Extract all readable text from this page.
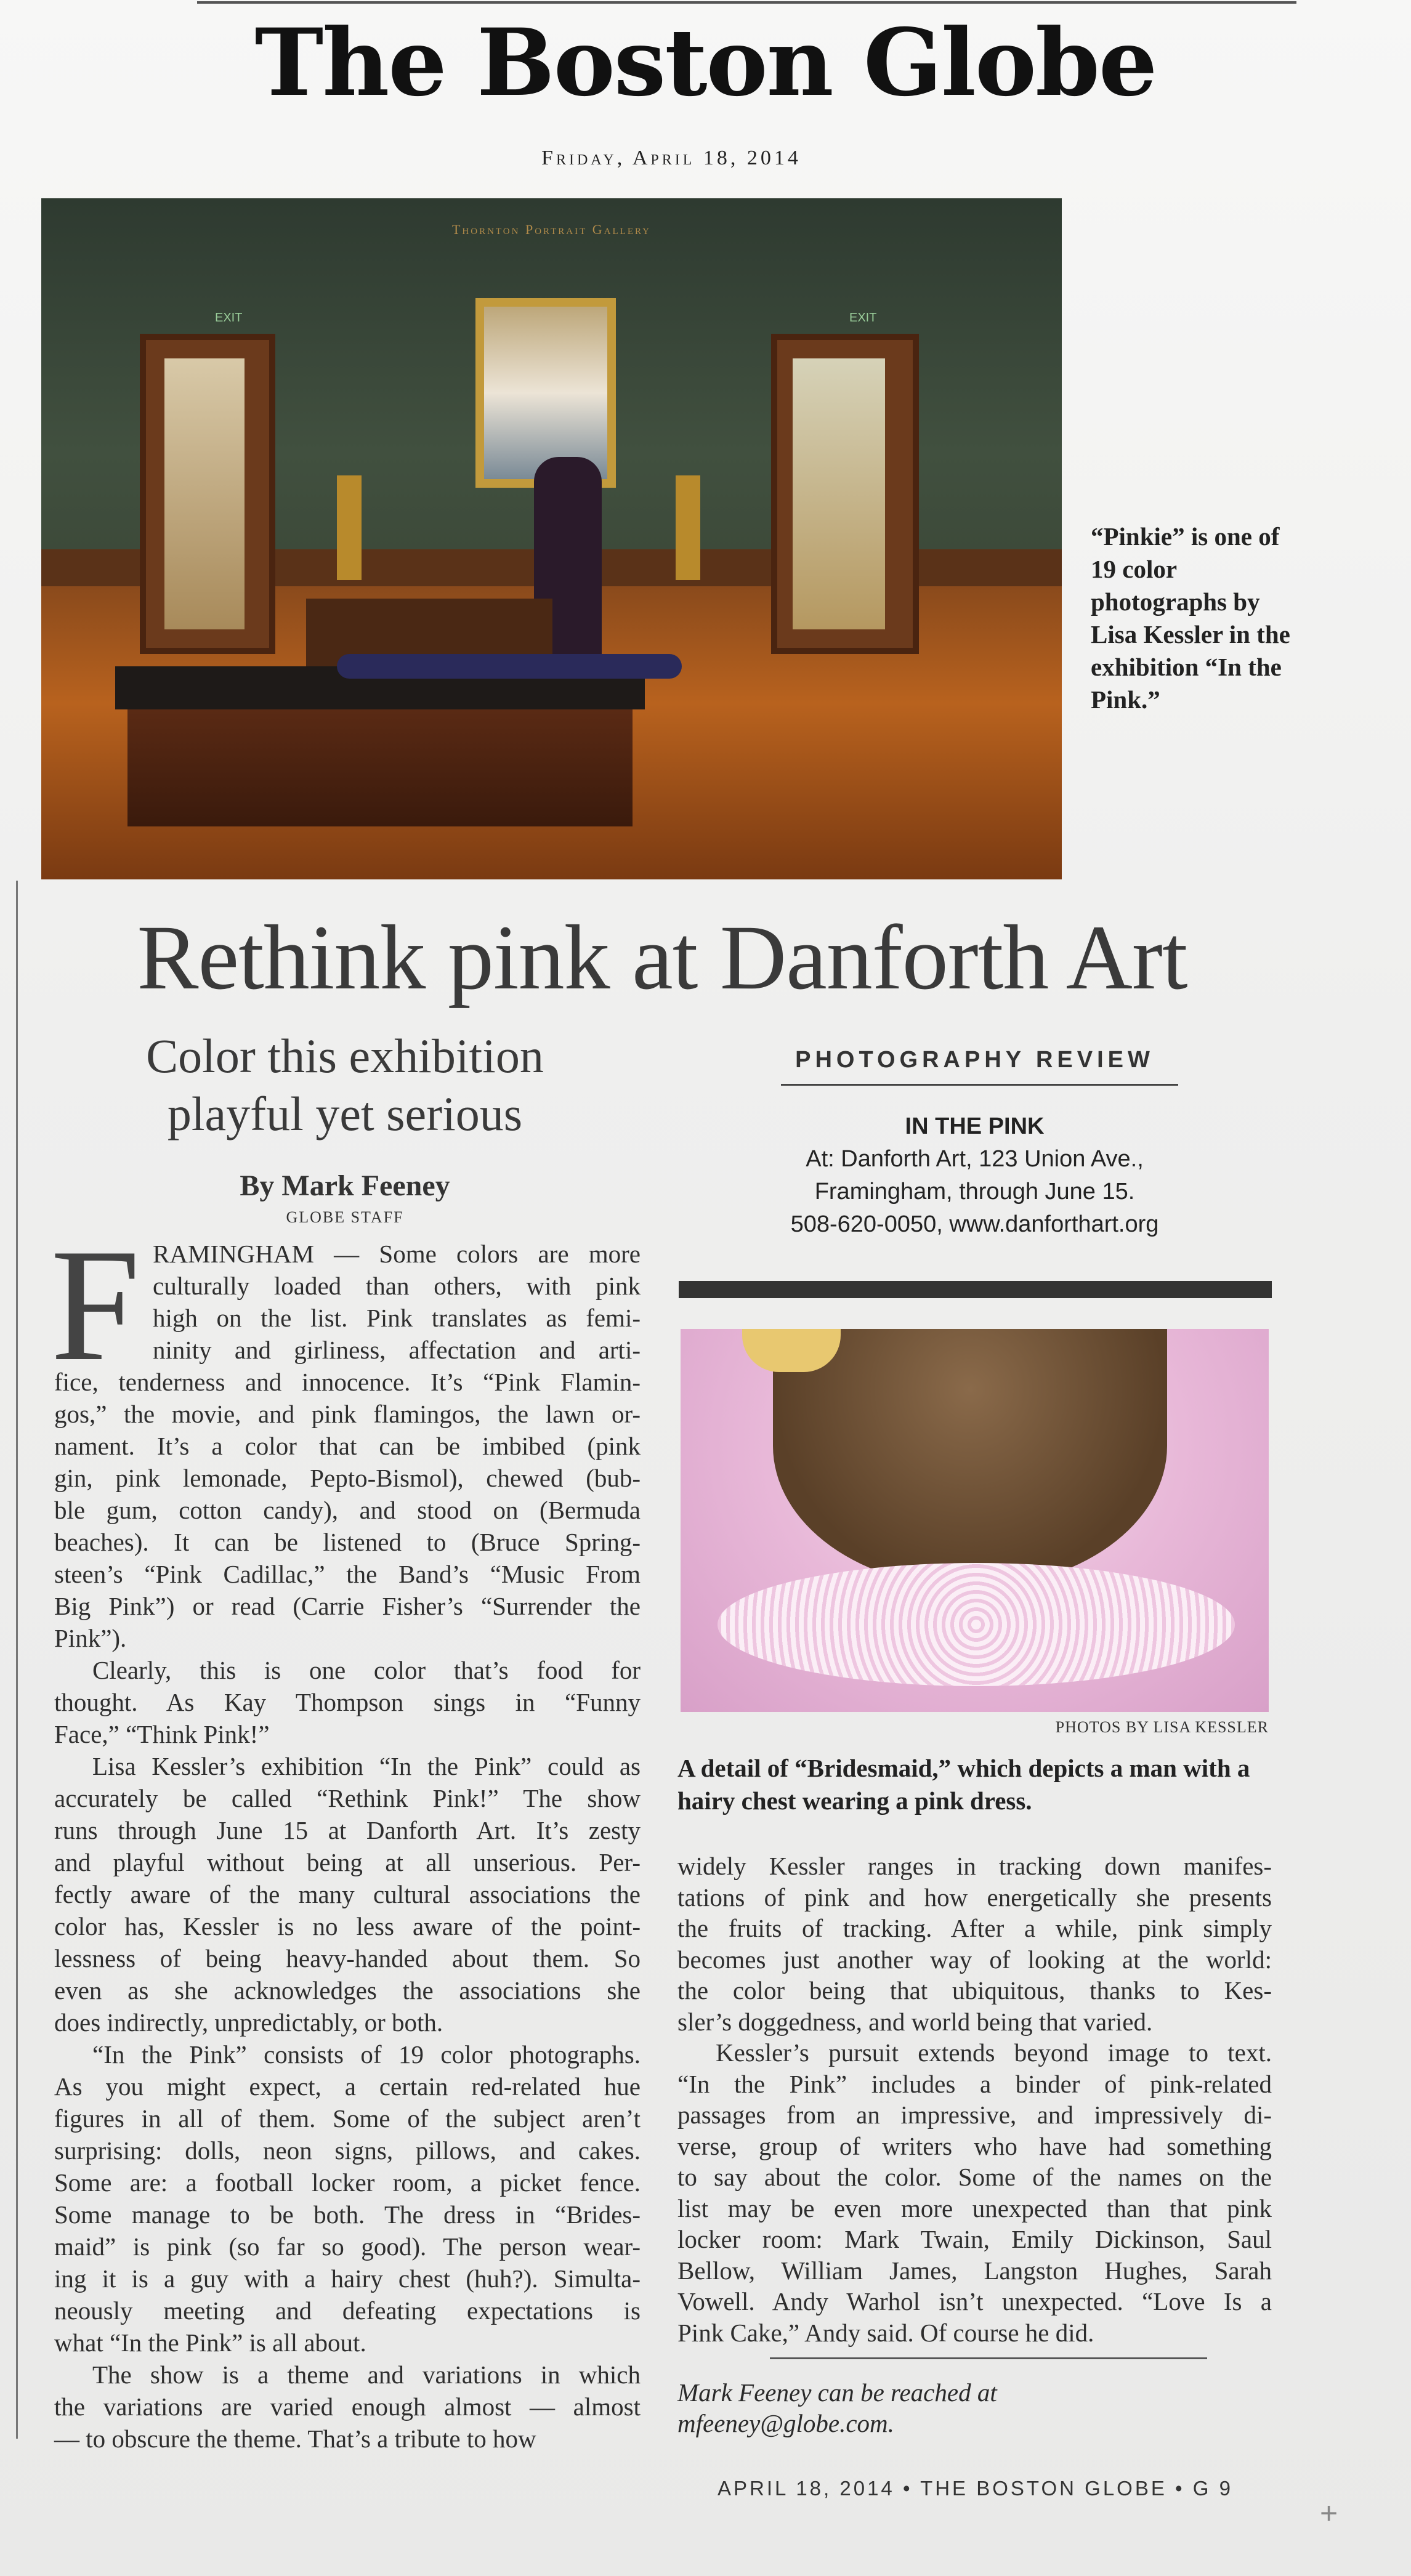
The Boston Globe
Friday, April 18, 2014
Thornton Portrait Gallery
EXIT	EXIT
“Pinkie” is one of 19 color photographs by Lisa Kessler in the exhibition “In the Pink.”
Rethink pink at Danforth Art
Color this exhibition
playful yet serious
By Mark Feeney
GLOBE STAFF
F RAMINGHAM — Some colors are more
culturally loaded than others, with pink
high on the list. Pink translates as femi-
ninity and girliness, affectation and arti-
fice, tenderness and innocence. It’s “Pink Flamin-
gos,” the movie, and pink flamingos, the lawn or-
nament. It’s a color that can be imbibed (pink
gin, pink lemonade, Pepto-Bismol), chewed (bub-
ble gum, cotton candy), and stood on (Bermuda
beaches). It can be listened to (Bruce Spring-
steen’s “Pink Cadillac,” the Band’s “Music From
Big Pink”) or read (Carrie Fisher’s “Surrender the
Pink”).
Clearly, this is one color that’s food for
thought. As Kay Thompson sings in “Funny
Face,” “Think Pink!”
Lisa Kessler’s exhibition “In the Pink” could as
accurately be called “Rethink Pink!” The show
runs through June 15 at Danforth Art. It’s zesty
and playful without being at all unserious. Per-
fectly aware of the many cultural associations the
color has, Kessler is no less aware of the point-
lessness of being heavy-handed about them. So
even as she acknowledges the associations she
does indirectly, unpredictably, or both.
“In the Pink” consists of 19 color photographs.
As you might expect, a certain red-related hue
figures in all of them. Some of the subject aren’t
surprising: dolls, neon signs, pillows, and cakes.
Some are: a football locker room, a picket fence.
Some manage to be both. The dress in “Brides-
maid” is pink (so far so good). The person wear-
ing it is a guy with a hairy chest (huh?). Simulta-
neously meeting and defeating expectations is
what “In the Pink” is all about.
The show is a theme and variations in which
the variations are varied enough almost — almost
— to obscure the theme. That’s a tribute to how
PHOTOGRAPHY REVIEW
IN THE PINK
At: Danforth Art, 123 Union Ave.,
Framingham, through June 15.
508-620-0050, www.danforthart.org
PHOTOS BY LISA KESSLER
A detail of “Bridesmaid,” which depicts a man with a hairy chest wearing a pink dress.
widely Kessler ranges in tracking down manifes-
tations of pink and how energetically she presents
the fruits of tracking. After a while, pink simply
becomes just another way of looking at the world:
the color being that ubiquitous, thanks to Kes-
sler’s doggedness, and world being that varied.
Kessler’s pursuit extends beyond image to text.
“In the Pink” includes a binder of pink-related
passages from an impressive, and impressively di-
verse, group of writers who have had something
to say about the color. Some of the names on the
list may be even more unexpected than that pink
locker room: Mark Twain, Emily Dickinson, Saul
Bellow, William James, Langston Hughes, Sarah
Vowell. Andy Warhol isn’t unexpected. “Love Is a
Pink Cake,” Andy said. Of course he did.
Mark Feeney can be reached at
mfeeney@globe.com.
APRIL 18, 2014 • THE BOSTON GLOBE • G 9
+
